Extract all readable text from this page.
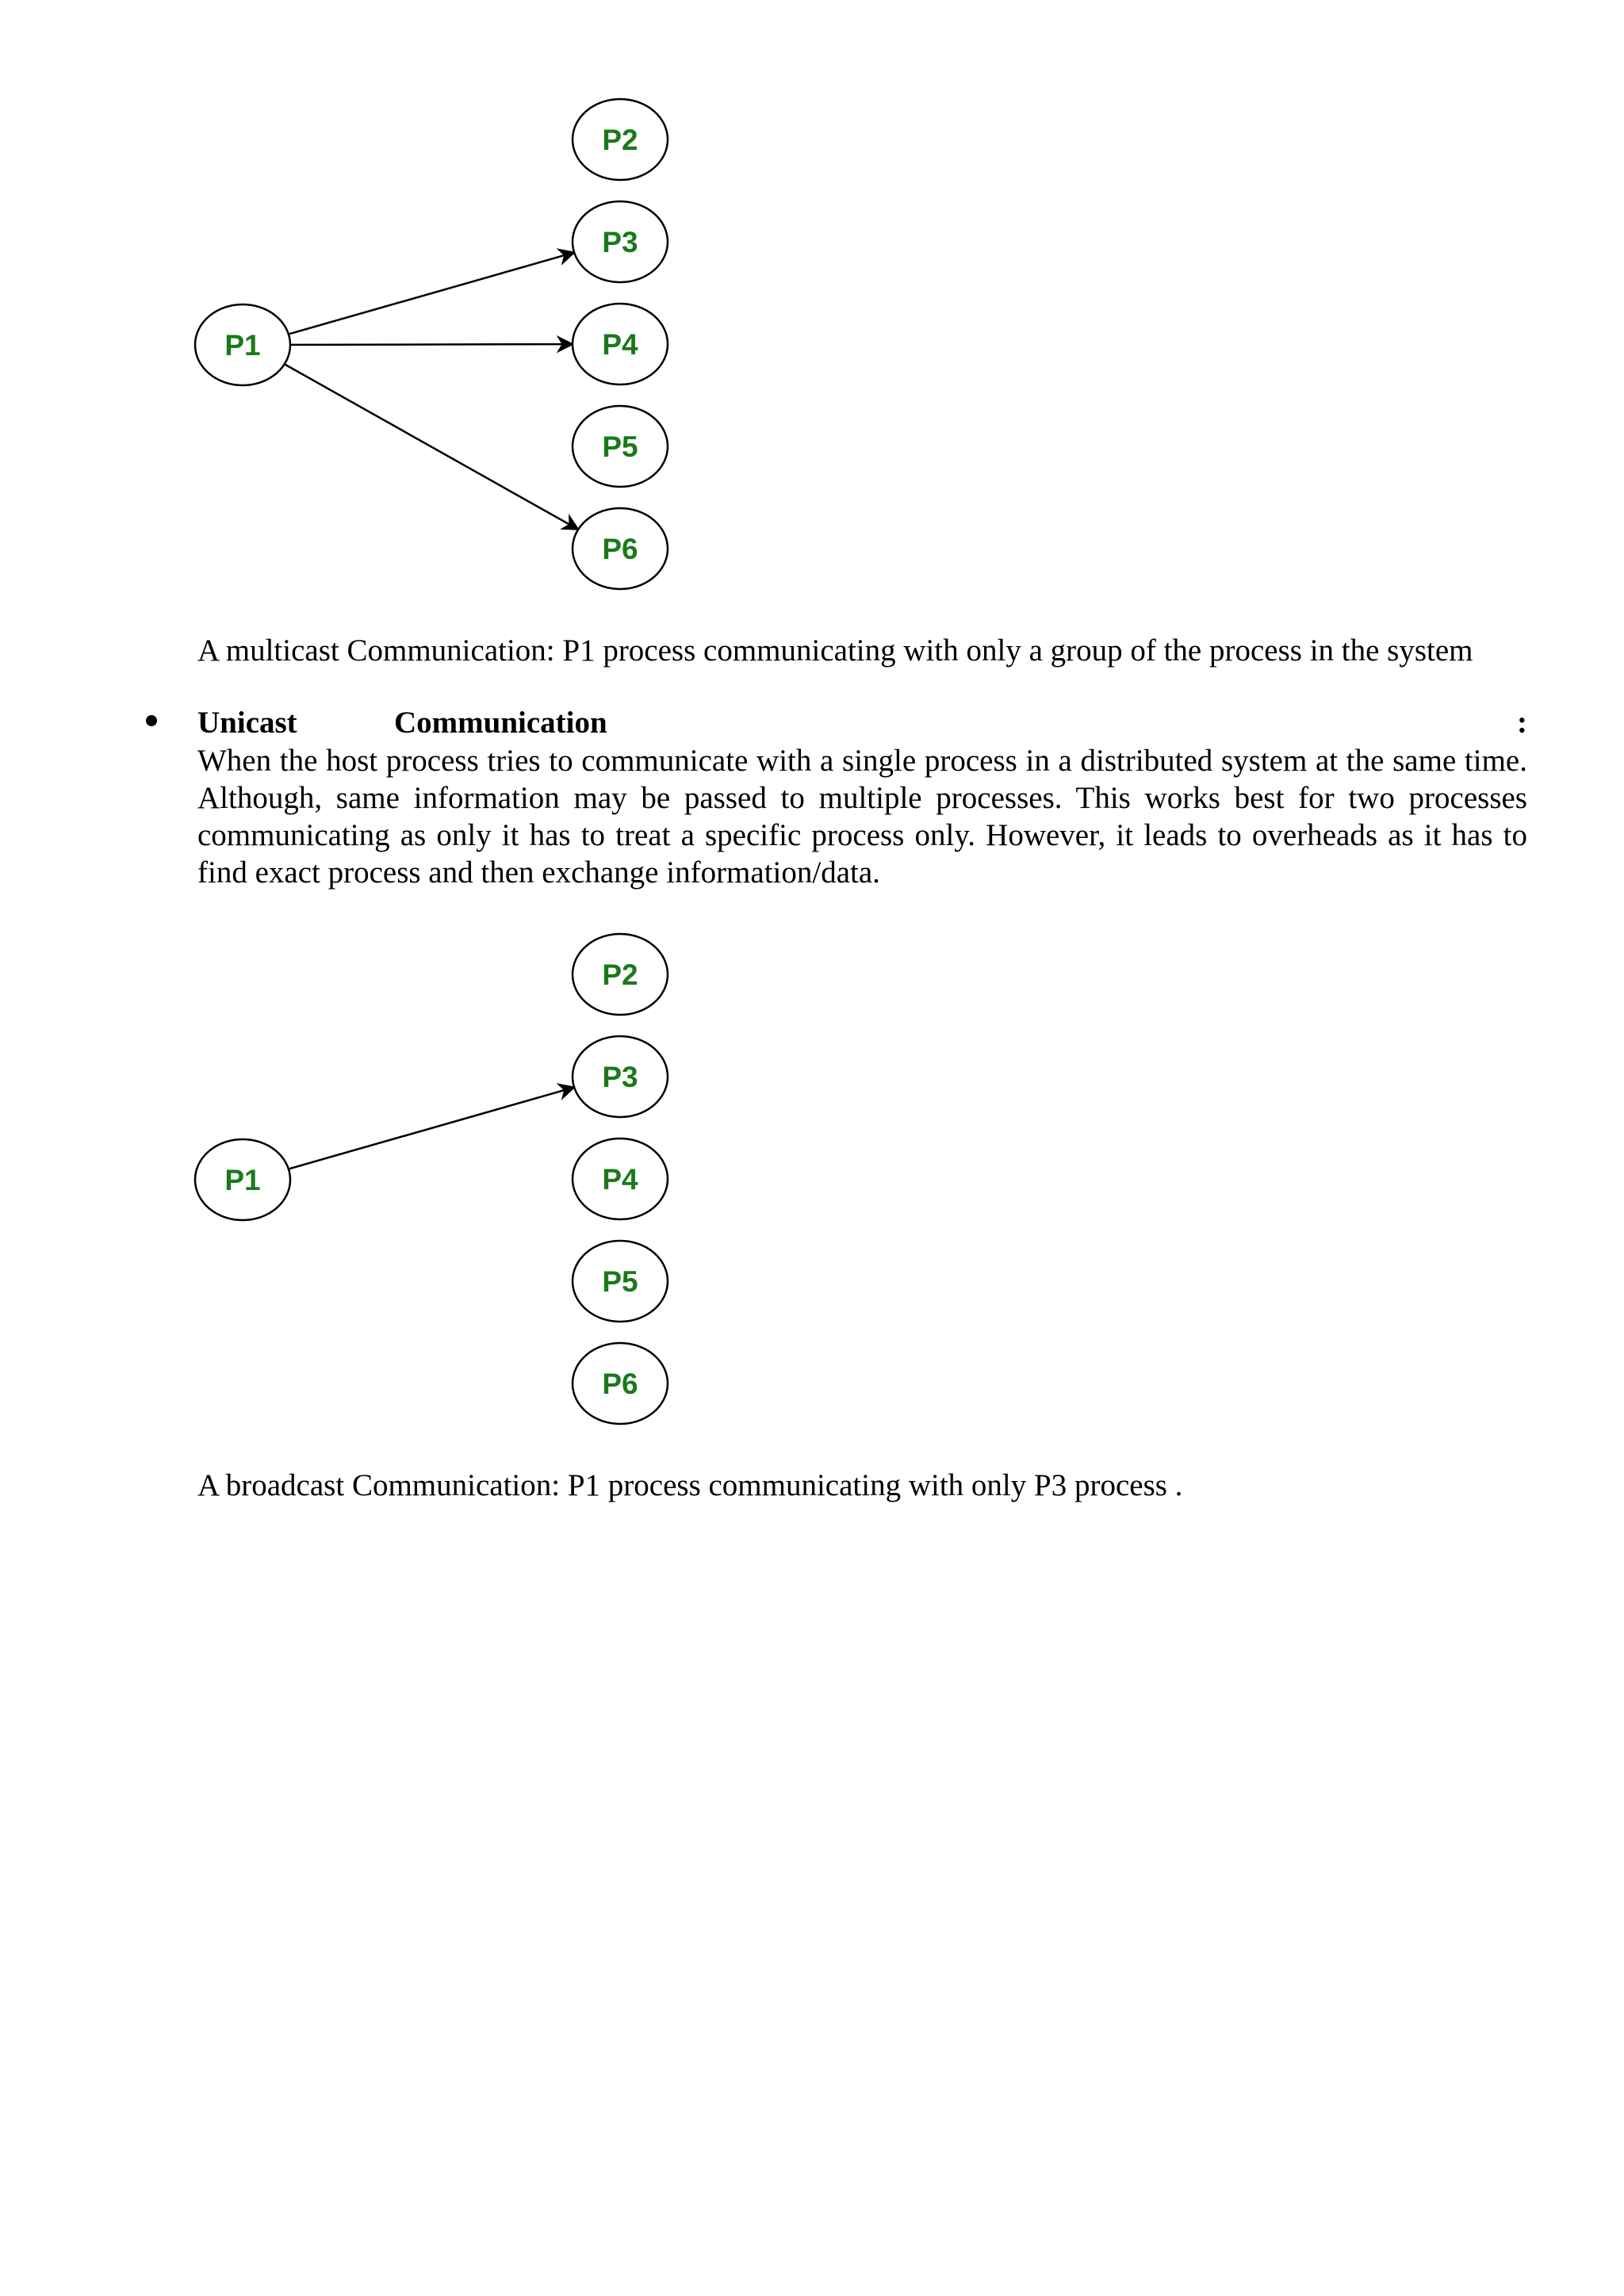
P1
P2
P3
P4
P5
P6
A multicast Communication: P1 process communicating with only a group of the process in the system
Unicast	Communication	:
When the host process tries to communicate with a single process in a distributed system at the same time. Although, same information may be passed to multiple processes. This works best for two processes communicating as only it has to treat a specific process only. However, it leads to overheads as it has to find exact process and then exchange information/data.
P1
P2
P3
P4
P5
P6
A broadcast Communication: P1 process communicating with only P3 process .
